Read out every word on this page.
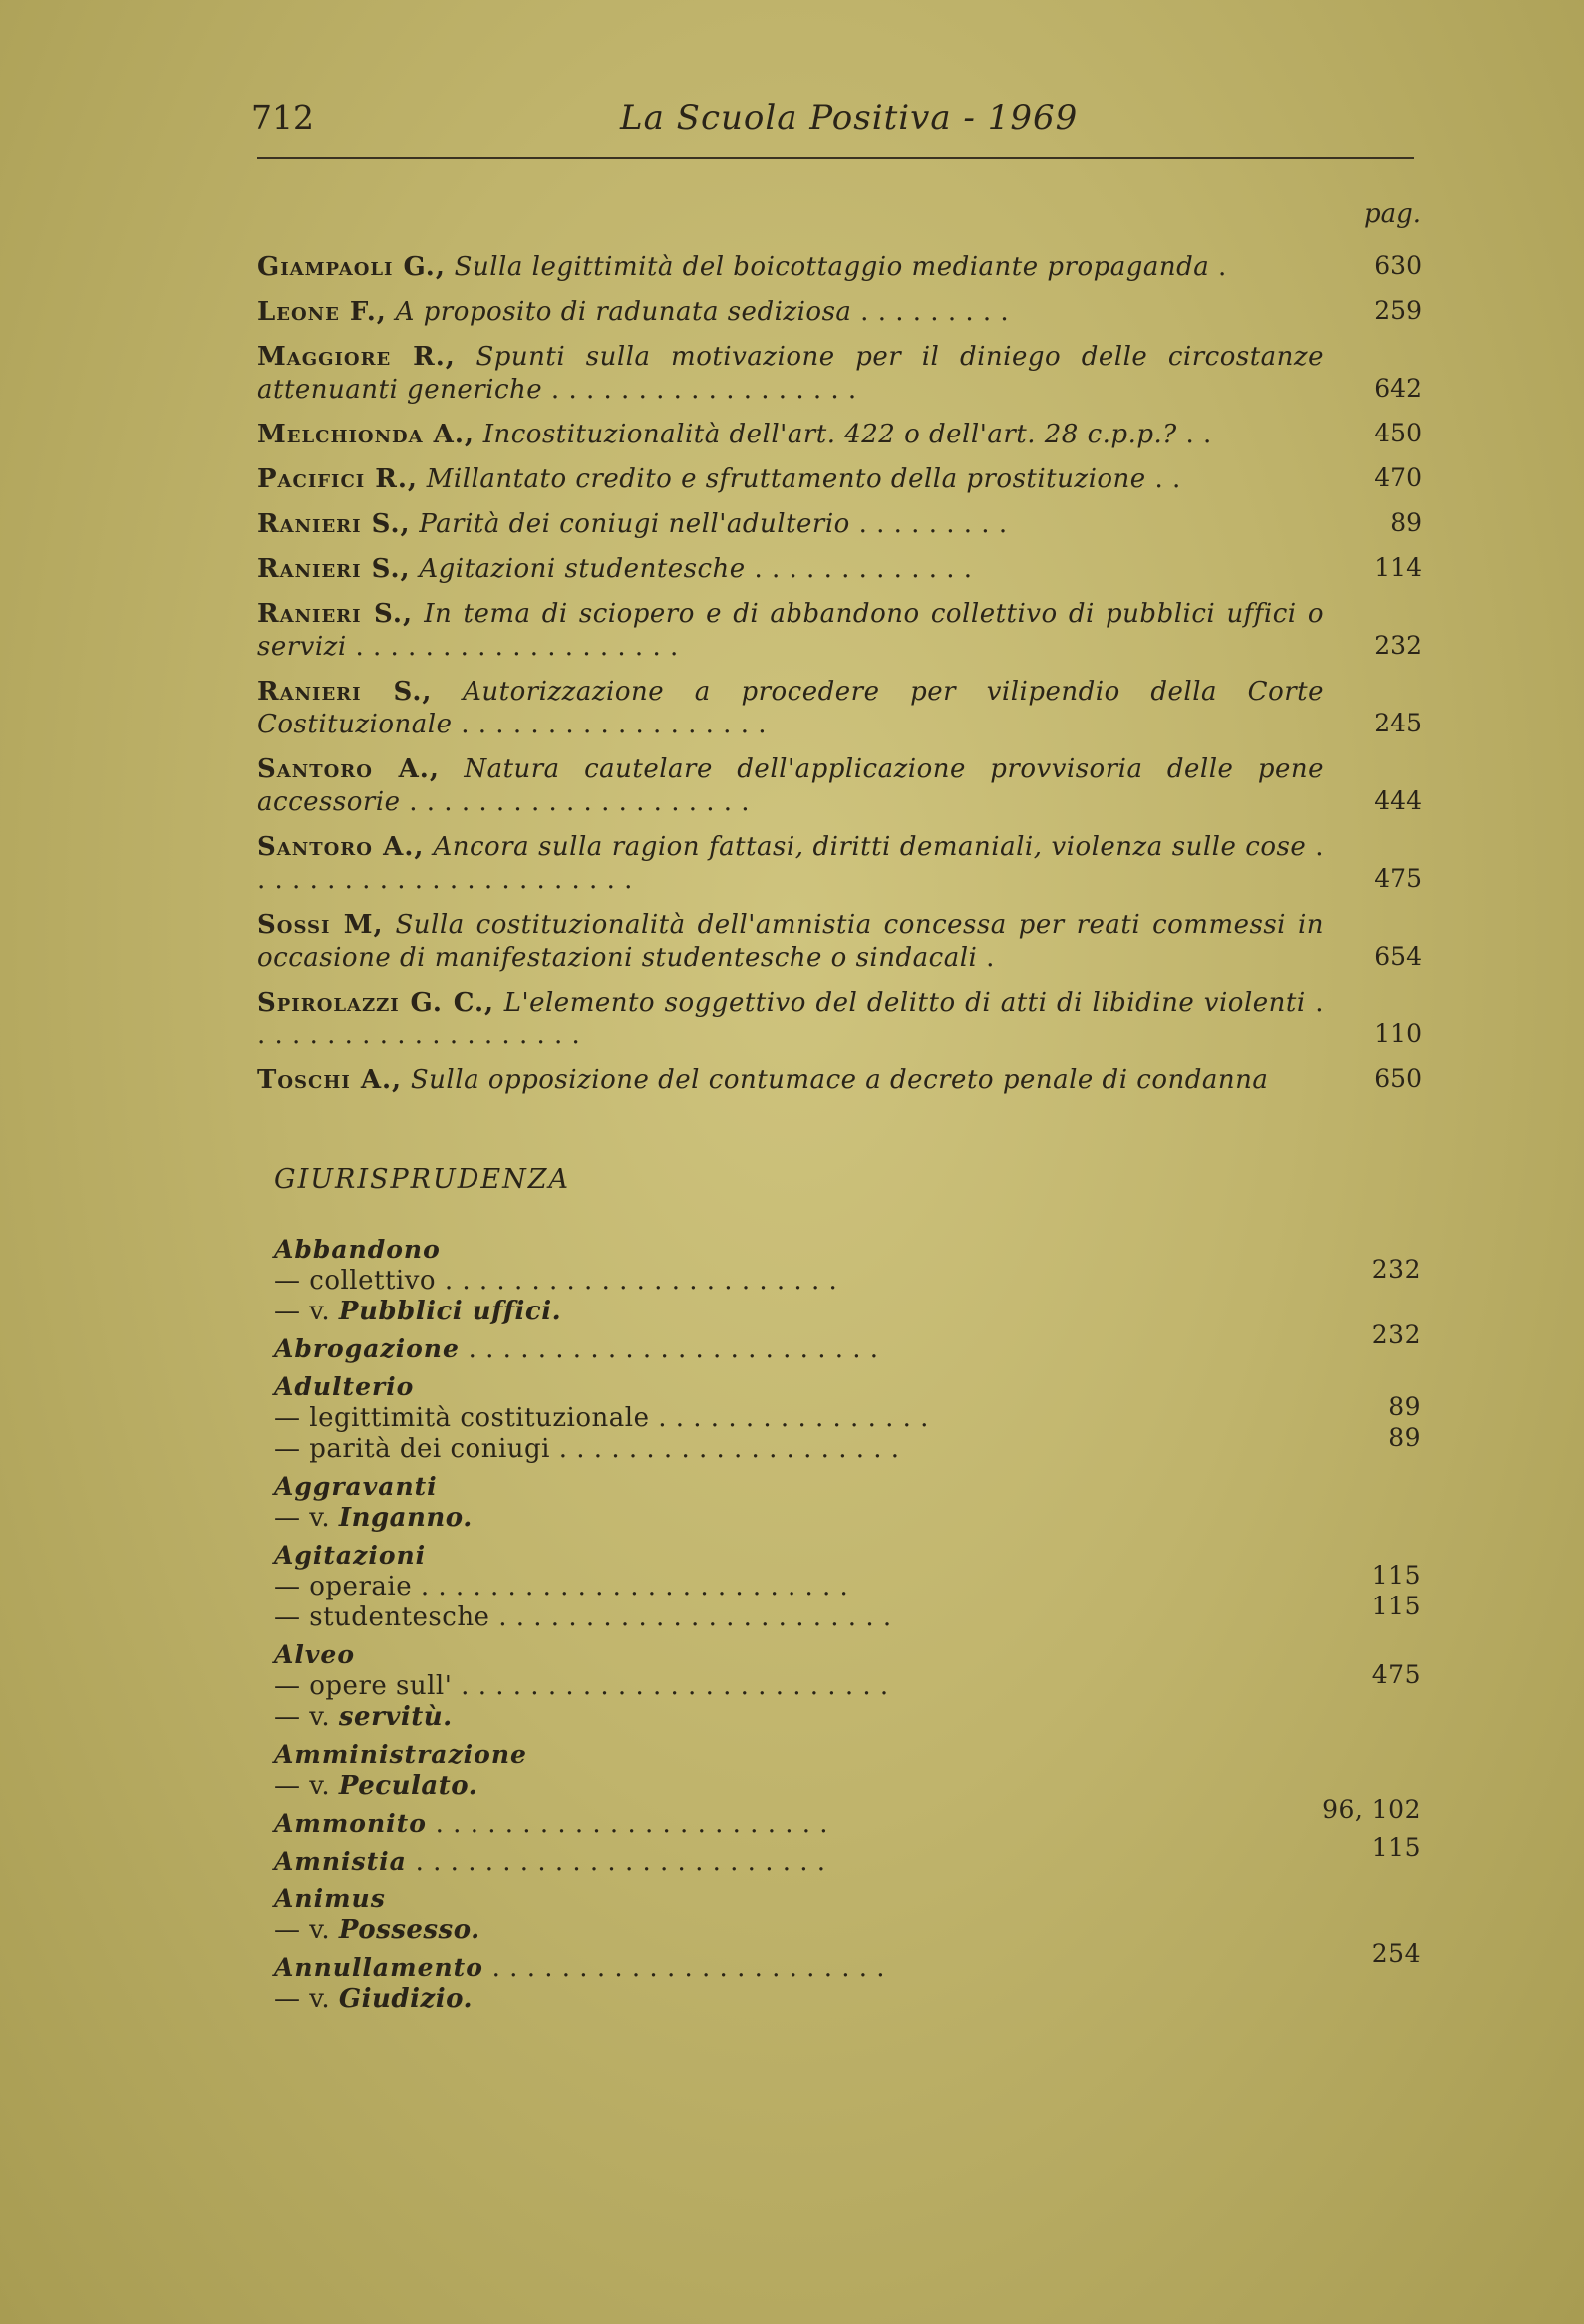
712	La Scuola Positiva - 1969
pag.
Giampaoli G., Sulla legittimità del boicottaggio mediante propaganda .	630
Leone F., A proposito di radunata sediziosa . . . . . . . . .	259
Maggiore R., Spunti sulla motivazione per il diniego delle circostanze attenuanti generiche . . . . . . . . . . . . . . . . . .	642
Melchionda A., Incostituzionalità dell'art. 422 o dell'art. 28 c.p.p.? . .	450
Pacifici R., Millantato credito e sfruttamento della prostituzione . .	470
Ranieri S., Parità dei coniugi nell'adulterio . . . . . . . . .	89
Ranieri S., Agitazioni studentesche . . . . . . . . . . . . .	114
Ranieri S., In tema di sciopero e di abbandono collettivo di pubblici uffici o servizi . . . . . . . . . . . . . . . . . . .	232
Ranieri S., Autorizzazione a procedere per vilipendio della Corte Costituzionale . . . . . . . . . . . . . . . . . .	245
Santoro A., Natura cautelare dell'applicazione provvisoria delle pene accessorie . . . . . . . . . . . . . . . . . . . .	444
Santoro A., Ancora sulla ragion fattasi, diritti demaniali, violenza sulle cose . . . . . . . . . . . . . . . . . . . . . . .	475
Sossi M, Sulla costituzionalità dell'amnistia concessa per reati commessi in occasione di manifestazioni studentesche o sindacali .	654
Spirolazzi G. C., L'elemento soggettivo del delitto di atti di libidine violenti . . . . . . . . . . . . . . . . . . . .	110
Toschi A., Sulla opposizione del contumace a decreto penale di condanna	650
GIURISPRUDENZA
Abbandono
— collettivo . . . . . . . . . . . . . . . . . . . . . . .	232
— v. Pubblici uffici.
Abrogazione . . . . . . . . . . . . . . . . . . . . . . . .	232
Adulterio
— legittimità costituzionale . . . . . . . . . . . . . . . .	89
— parità dei coniugi . . . . . . . . . . . . . . . . . . . .	89
Aggravanti
— v. Inganno.
Agitazioni
— operaie . . . . . . . . . . . . . . . . . . . . . . . . .	115
— studentesche . . . . . . . . . . . . . . . . . . . . . . .	115
Alveo
— opere sull' . . . . . . . . . . . . . . . . . . . . . . . . .	475
— v. servitù.
Amministrazione
— v. Peculato.
Ammonito . . . . . . . . . . . . . . . . . . . . . . .	96, 102
Amnistia . . . . . . . . . . . . . . . . . . . . . . . .	115
Animus
— v. Possesso.
Annullamento . . . . . . . . . . . . . . . . . . . . . . .	254
— v. Giudizio.
